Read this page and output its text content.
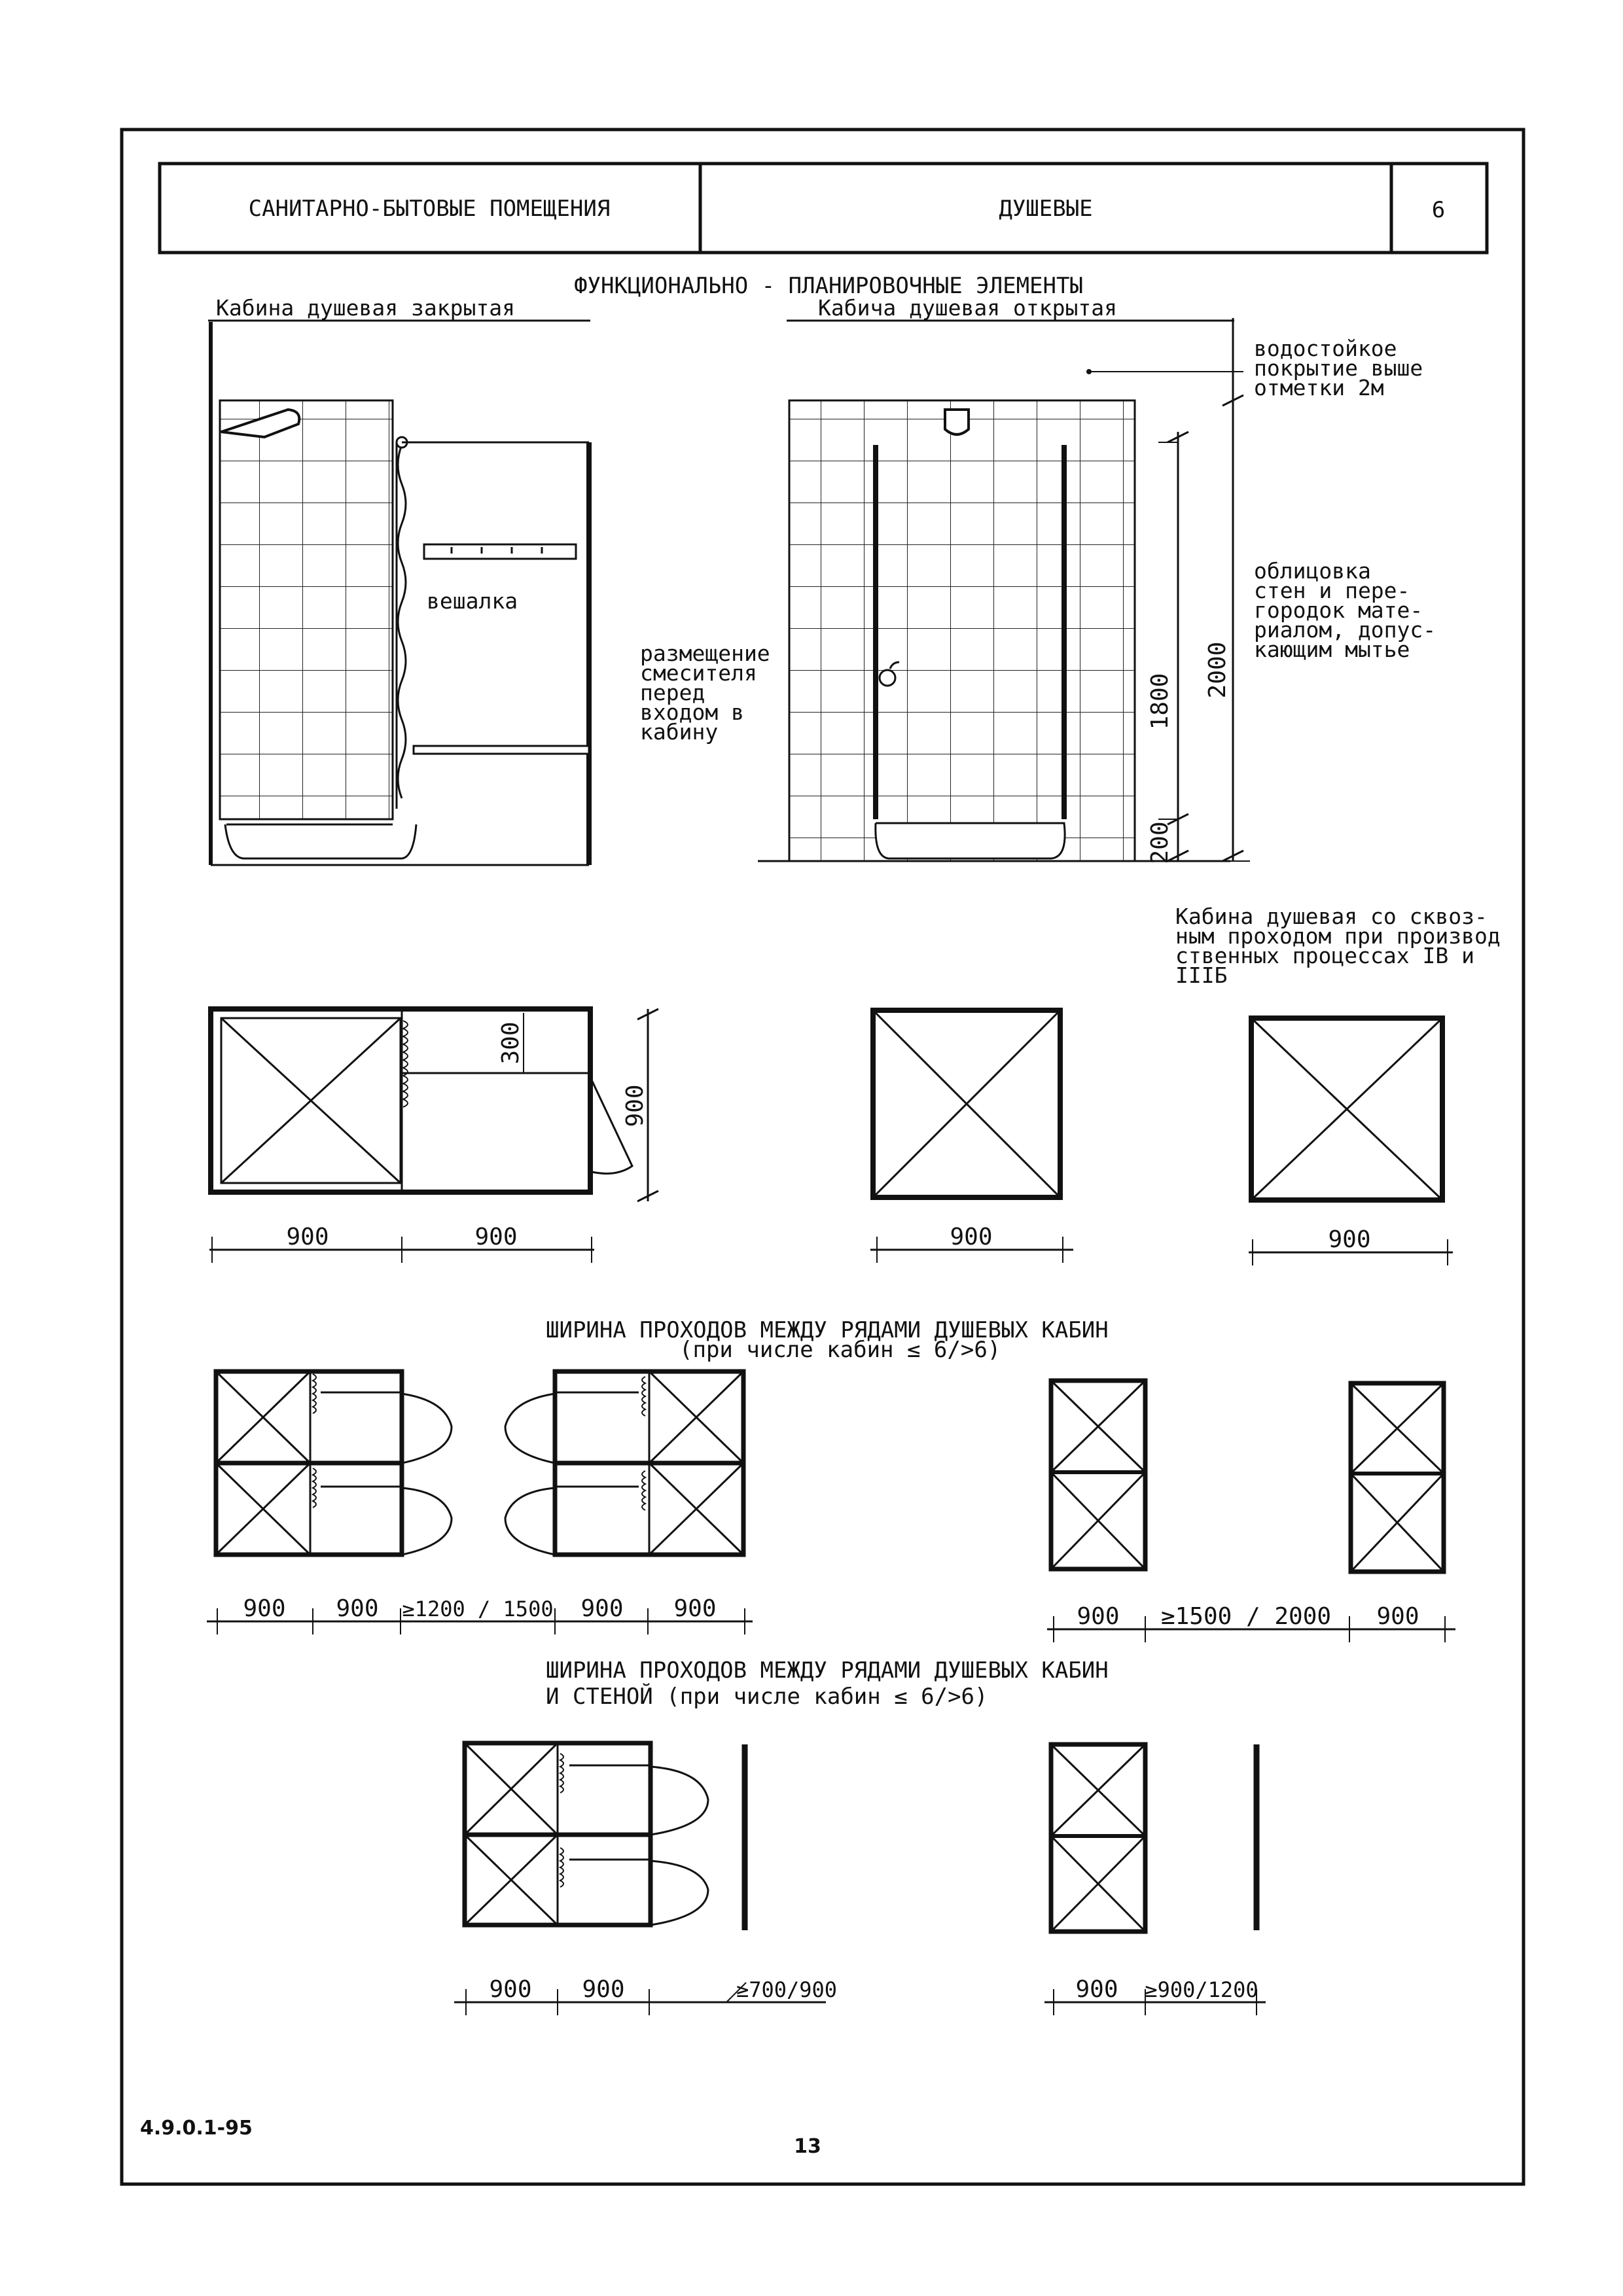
САНИТАРНО-БЫТОВЫЕ ПОМЕЩЕНИЯ	ДУШЕВЫЕ	6
ФУНКЦИОНАЛЬНО - ПЛАНИРОВОЧНЫЕ ЭЛЕМЕНТЫ
Кабина душевая закрытая
вешалка
размещение
смесителя
перед
входом в
кабину
Кабича душевая открытая
1800
200
2000
водостойкое
покрытие выше
отметки 2м
облицовка
стен и пере-
городок мате-
риалом, допус-
кающим мытье
Кабина душевая со сквоз-
ным проходом при производ
ственных процессах IB и
IIIБ
300
900
900	900	900	900
ШИРИНА ПРОХОДОВ МЕЖДУ РЯДАМИ ДУШЕВЫХ КАБИН
(при числе кабин ≤ 6/>6)
900 900 ≥1200 / 1500 900 900	900 ≥1500 / 2000 900
ШИРИНА ПРОХОДОВ МЕЖДУ РЯДАМИ ДУШЕВЫХ КАБИН
И СТЕНОЙ (при числе кабин ≤ 6/>6)
900 900	≥700/900	900 ≥900/1200
4.9.0.1-95
13
